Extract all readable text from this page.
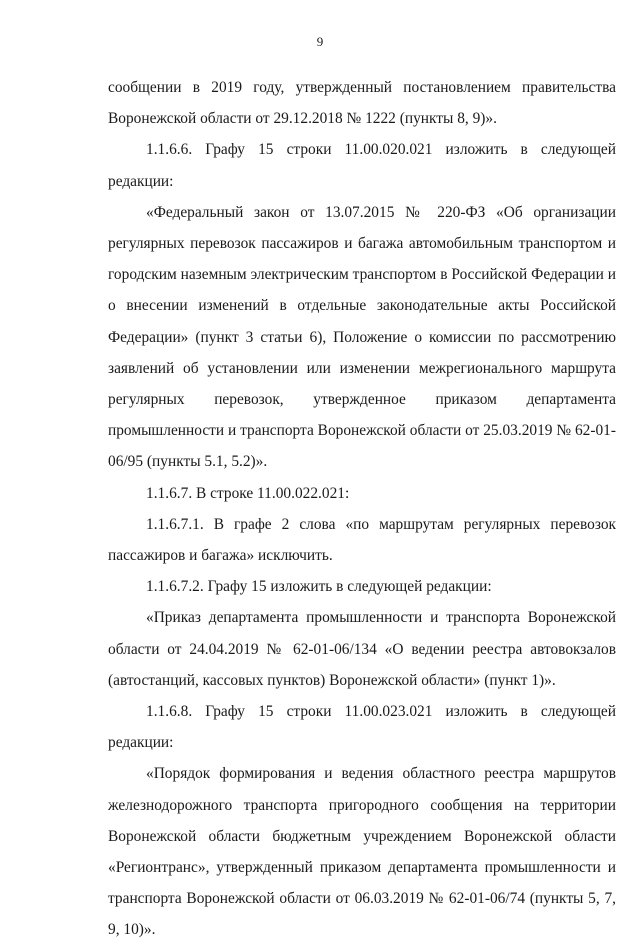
9

сообщении в 2019 году, утвержденный постановлением правительства Воронежской области от 29.12.2018 № 1222 (пункты 8, 9)».

1.1.6.6. Графу 15 строки 11.00.020.021 изложить в следующей редакции:

«Федеральный закон от 13.07.2015 № 220-ФЗ «Об организации регулярных перевозок пассажиров и багажа автомобильным транспортом и городским наземным электрическим транспортом в Российской Федерации и о внесении изменений в отдельные законодательные акты Российской Федерации» (пункт 3 статьи 6), Положение о комиссии по рассмотрению заявлений об установлении или изменении межрегионального маршрута регулярных перевозок, утвержденное приказом департамента промышленности и транспорта Воронежской области от 25.03.2019 № 62-01-06/95 (пункты 5.1, 5.2)».

1.1.6.7. В строке 11.00.022.021:

1.1.6.7.1. В графе 2 слова «по маршрутам регулярных перевозок пассажиров и багажа» исключить.

1.1.6.7.2. Графу 15 изложить в следующей редакции:

«Приказ департамента промышленности и транспорта Воронежской области от 24.04.2019 № 62-01-06/134 «О ведении реестра автовокзалов (автостанций, кассовых пунктов) Воронежской области» (пункт 1)».

1.1.6.8. Графу 15 строки 11.00.023.021 изложить в следующей редакции:

«Порядок формирования и ведения областного реестра маршрутов железнодорожного транспорта пригородного сообщения на территории Воронежской области бюджетным учреждением Воронежской области «Регионтранс», утвержденный приказом департамента промышленности и транспорта Воронежской области от 06.03.2019 № 62-01-06/74 (пункты 5, 7, 9, 10)».
